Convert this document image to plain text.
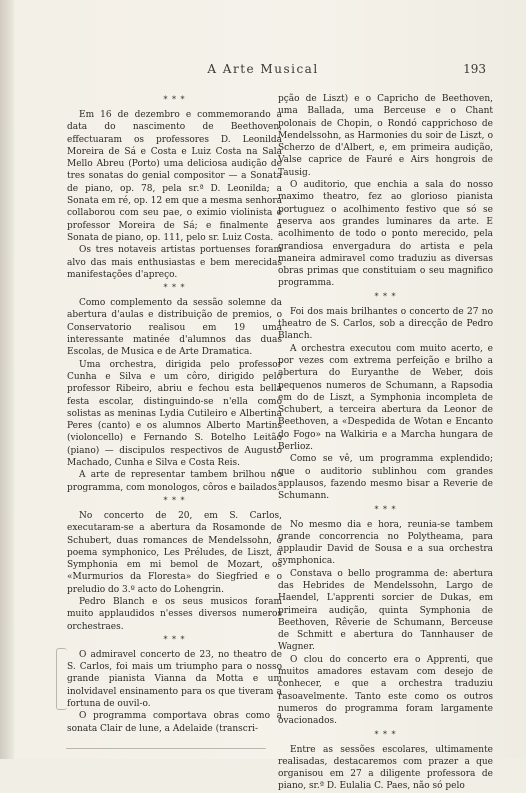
A Arte Musical	193
* * *

Em 16 de dezembro e commemorando a data do nascimento de Beethoven, effectuaram os professores D. Leonilda Moreira de Sá e Costa e Luiz Costa na Sala Mello Abreu (Porto) uma deliciosa audição de tres sonatas do genial compositor — a Sonata de piano, op. 78, pela sr.ª D. Leonilda; a Sonata em ré, op. 12 em que a mesma senhora collaborou com seu pae, o eximio violinista e professor Moreira de Sá; e finalmente a Sonata de piano, op. 111, pelo sr. Luiz Costa.

Os tres notaveis artistas portuenses foram alvo das mais enthusiastas e bem merecidas manifestações d'apreço.

* * *

Como complemento da sessão solemne da abertura d'aulas e distribuição de premios, o Conservatorio realisou em 19 uma interessante matinée d'alumnos das duas Escolas, de Musica e de Arte Dramatica.

Uma orchestra, dirigida pelo professor Cunha e Silva e um côro, dirigido pelo professor Ribeiro, abriu e fechou esta bella festa escolar, distinguindo-se n'ella como solistas as meninas Lydia Cutileiro e Albertina Peres (canto) e os alumnos Alberto Martins (violoncello) e Fernando S. Botelho Leitão (piano) — discipulos respectivos de Augusto Machado, Cunha e Silva e Costa Reis.

A arte de representar tambem brilhou no programma, com monologos, côros e bailados.

* * *

No concerto de 20, em S. Carlos, executaram-se a abertura da Rosamonde de Schubert, duas romances de Mendelssohn, o poema symphonico, Les Préludes, de Liszt, a Symphonia em mi bemol de Mozart, os «Murmurios da Floresta» do Siegfried e o preludio do 3.º acto do Lohengrin.

Pedro Blanch e os seus musicos foram muito applaudidos n'esses diversos numeros orchestraes.

* * *

O admiravel concerto de 23, no theatro de S. Carlos, foi mais um triumpho para o nosso grande pianista Vianna da Motta e um inolvidavel ensinamento para os que tiveram a fortuna de ouvil-o.

O programma comportava obras como a sonata Clair de lune, a Adelaide (transcri-

pção de Liszt) e o Capricho de Beethoven, uma Ballada, uma Berceuse e o Chant polonais de Chopin, o Rondó capprichoso de Mendelssohn, as Harmonies du soir de Liszt, o Scherzo de d'Albert, e, em primeira audição, Valse caprice de Fauré e Airs hongrois de Tausig.

O auditorio, que enchia a sala do nosso maximo theatro, fez ao glorioso pianista portuguez o acolhimento festivo que só se reserva aos grandes luminares da arte. E acolhimento de todo o ponto merecido, pela grandiosa envergadura do artista e pela maneira admiravel como traduziu as diversas obras primas que constituiam o seu magnifico programma.

* * *

Foi dos mais brilhantes o concerto de 27 no theatro de S. Carlos, sob a direcção de Pedro Blanch.

A orchestra executou com muito acerto, e por vezes com extrema perfeição e brilho a abertura do Euryanthe de Weber, dois pequenos numeros de Schumann, a Rapsodia em do de Liszt, a Symphonia incompleta de Schubert, a terceira abertura da Leonor de Beethoven, a «Despedida de Wotan e Encanto do Fogo» na Walkiria e a Marcha hungara de Berlioz.

Como se vê, um programma explendido; que o auditorio sublinhou com grandes applausos, fazendo mesmo bisar a Reverie de Schumann.

* * *

No mesmo dia e hora, reunia-se tambem grande concorrencia no Polytheama, para applaudir David de Sousa e a sua orchestra symphonica.

Constava o bello programma de: abertura das Hebrides de Mendelssohn, Largo de Haendel, L'apprenti sorcier de Dukas, em primeira audição, quinta Symphonia de Beethoven, Rêverie de Schumann, Berceuse de Schmitt e abertura do Tannhauser de Wagner.

O clou do concerto era o Apprenti, que muitos amadores estavam com desejo de conhecer, e que a orchestra traduziu rasoavelmente. Tanto este como os outros numeros do programma foram largamente ovacionados.

* * *

Entre as sessões escolares, ultimamente realisadas, destacaremos com prazer a que organisou em 27 a diligente professora de piano, sr.ª D. Eulalia C. Paes, não só pelo
